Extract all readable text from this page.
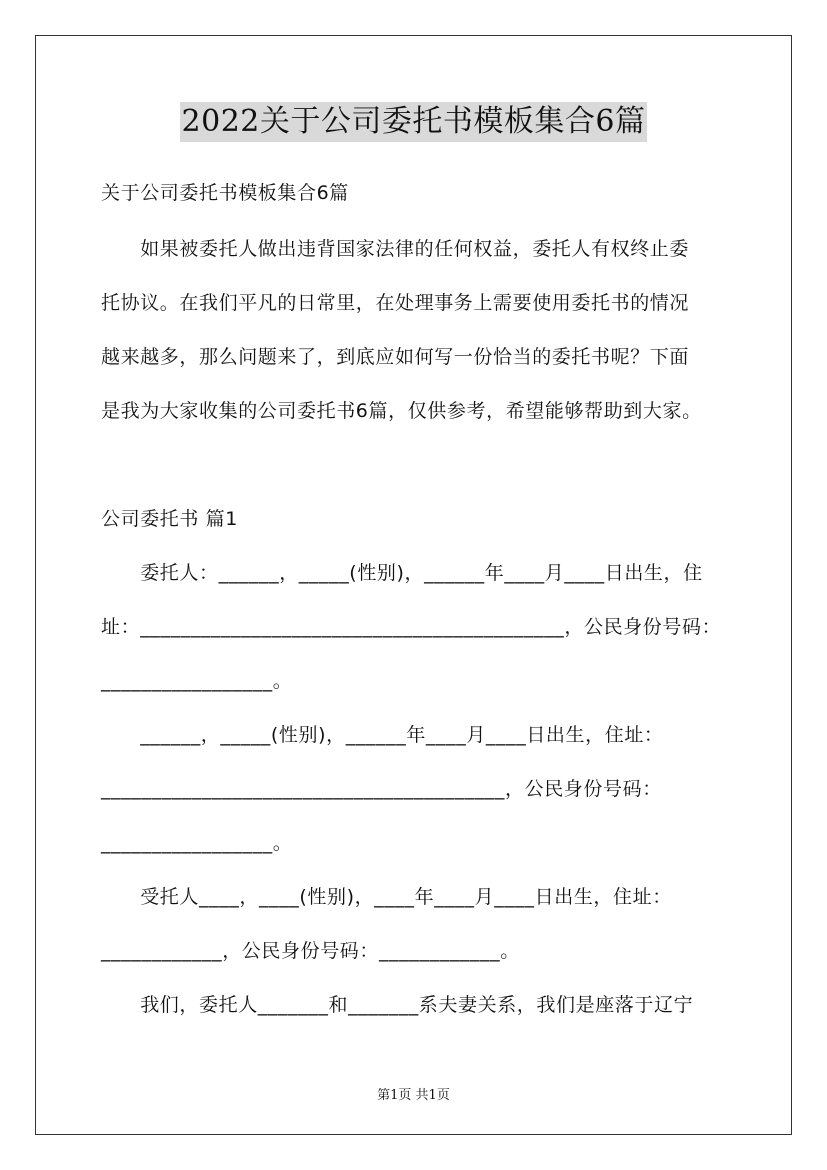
2022关于公司委托书模板集合6篇
关于公司委托书模板集合6篇
　　如果被委托人做出违背国家法律的任何权益，委托人有权终止委
托协议。在我们平凡的日常里，在处理事务上需要使用委托书的情况
越来越多，那么问题来了，到底应如何写一份恰当的委托书呢？下面
是我为大家收集的公司委托书6篇，仅供参考，希望能够帮助到大家。
公司委托书 篇1
　　委托人：______，_____(性别)，______年____月____日出生，住
址：__________________________________________，公民身份号码：
_________________。
　　______，_____(性别)，______年____月____日出生，住址：
________________________________________，公民身份号码：
_________________。
　　受托人____，____(性别)，____年____月____日出生，住址：
____________，公民身份号码：____________。
　　我们，委托人_______和_______系夫妻关系，我们是座落于辽宁
第1页 共1页
